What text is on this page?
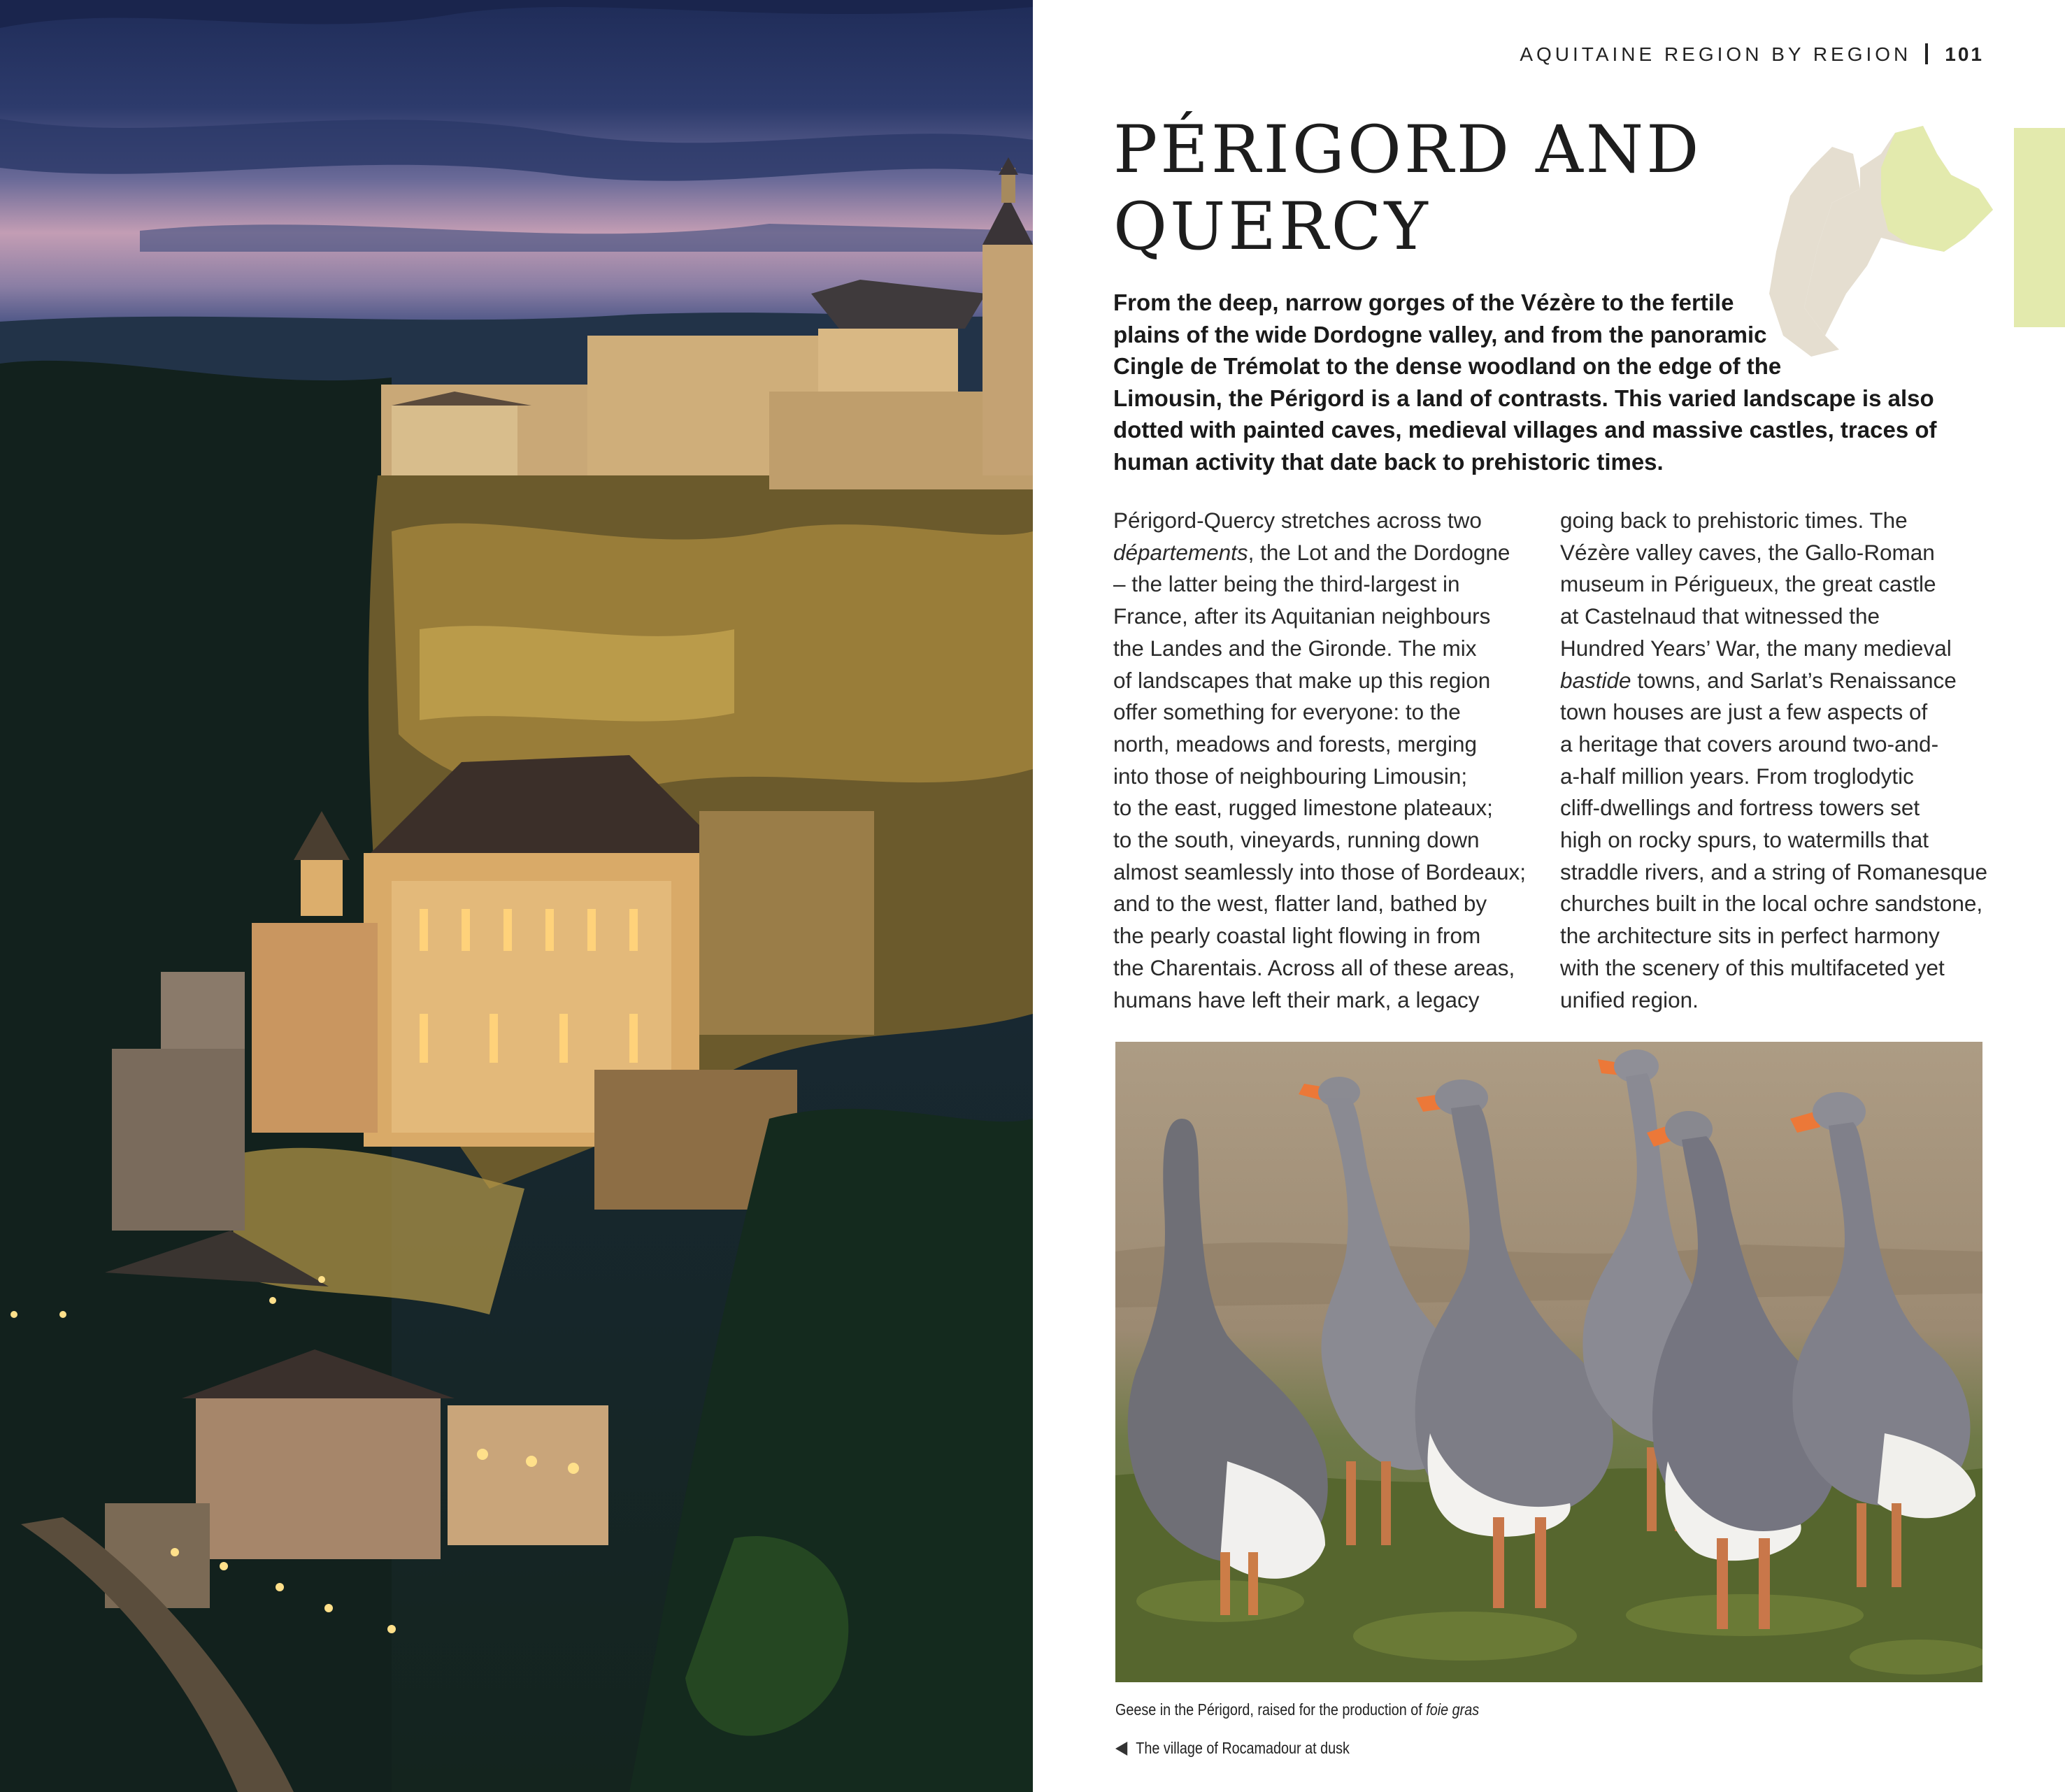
AQUITAINE REGION BY REGION 101
PÉRIGORD AND
QUERCY

From the deep, narrow gorges of the Vézère to the fertile
plains of the wide Dordogne valley, and from the panoramic
Cingle de Trémolat to the dense woodland on the edge of the
Limousin, the Périgord is a land of contrasts. This varied landscape is also
dotted with painted caves, medieval villages and massive castles, traces of
human activity that date back to prehistoric times.

Périgord-Quercy stretches across two
départements, the Lot and the Dordogne
– the latter being the third-largest in
France, after its Aquitanian neighbours
the Landes and the Gironde. The mix
of landscapes that make up this region
offer something for everyone: to the
north, meadows and forests, merging
into those of neighbouring Limousin;
to the east, rugged limestone plateaux;
to the south, vineyards, running down
almost seamlessly into those of Bordeaux;
and to the west, flatter land, bathed by
the pearly coastal light flowing in from
the Charentais. Across all of these areas,
humans have left their mark, a legacy
going back to prehistoric times. The
Vézère valley caves, the Gallo-Roman
museum in Périgueux, the great castle
at Castelnaud that witnessed the
Hundred Years’ War, the many medieval
bastide towns, and Sarlat’s Renaissance
town houses are just a few aspects of
a heritage that covers around two-and-
a-half million years. From troglodytic
cliff-dwellings and fortress towers set
high on rocky spurs, to watermills that
straddle rivers, and a string of Romanesque
churches built in the local ochre sandstone,
the architecture sits in perfect harmony
with the scenery of this multifaceted yet
unified region.
Geese in the Périgord, raised for the production of foie gras
The village of Rocamadour at dusk
